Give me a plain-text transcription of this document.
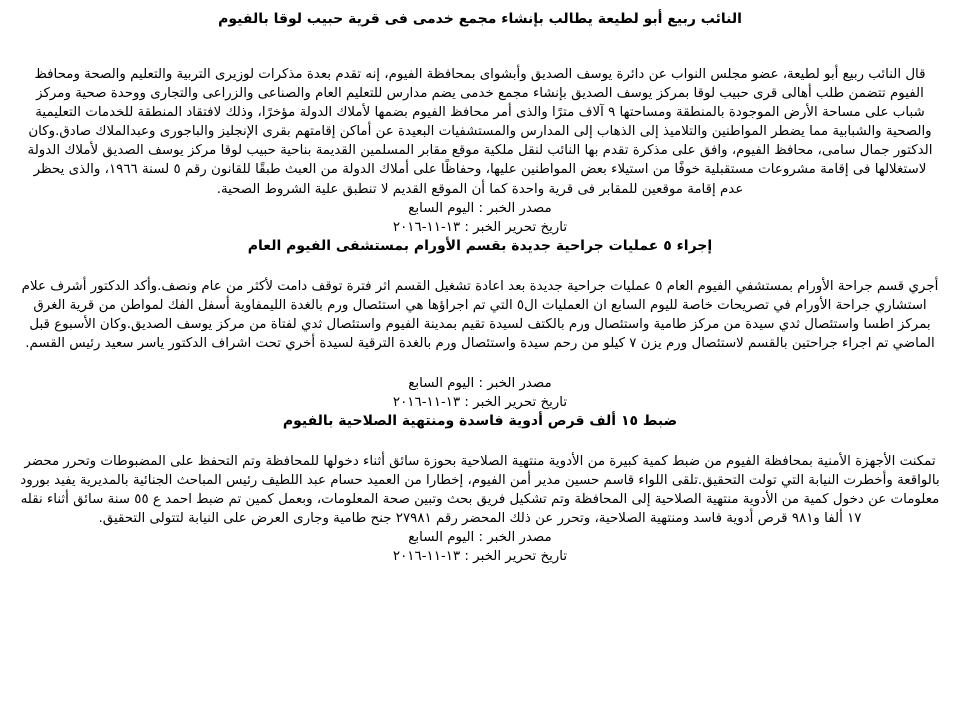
النائب ربيع أبو لطيعة يطالب بإنشاء مجمع خدمى فى قرية حبيب لوقا بالفيوم

قال النائب ربيع أبو لطيعة، عضو مجلس النواب عن دائرة يوسف الصديق وأبشواى بمحافظة الفيوم، إنه تقدم بعدة مذكرات لوزيرى التربية والتعليم والصحة ومحافظ الفيوم تتضمن طلب أهالى قرى حبيب لوقا بمركز يوسف الصديق بإنشاء مجمع خدمى يضم مدارس للتعليم العام والصناعى والزراعى والتجارى ووحدة صحية ومركز شباب على مساحة الأرض الموجودة بالمنطقة ومساحتها ٩ آلاف مترًا والذى أمر محافظ الفيوم بضمها لأملاك الدولة مؤخرًا، وذلك لافتقاد المنطقة للخدمات التعليمية والصحية والشبابية مما يضطر المواطنين والتلاميذ إلى الذهاب إلى المدارس والمستشفيات البعيدة عن أماكن إقامتهم بقرى الإنجليز والباجورى وعبدالملاك صادق.وكان الدكتور جمال سامى، محافظ الفيوم، وافق على مذكرة تقدم بها النائب لنقل ملكية موقع مقابر المسلمين القديمة بناحية حبيب لوقا مركز يوسف الصديق لأملاك الدولة لاستغلالها فى إقامة مشروعات مستقبلية خوفًا من استيلاء بعض المواطنين عليها، وحفاظًا على أملاك الدولة من العبث طبقًا للقانون رقم ٥ لسنة ١٩٦٦، والذى يحظر عدم إقامة موقعين للمقابر فى قرية واحدة كما أن الموقع القديم لا تنطبق علية الشروط الصحية.

مصدر الخبر : اليوم السابع

تاريخ تحرير الخبر : ١٣-١١-٢٠١٦

إجراء ٥ عمليات جراحية جديدة بقسم الأورام بمستشفى الفيوم العام

أجري قسم جراحة الأورام بمستشفي الفيوم العام ٥ عمليات جراحية جديدة بعد اعادة تشغيل القسم اثر فترة توقف دامت لأكثر من عام ونصف.وأكد الدكتور أشرف علام استشاري جراحة الأورام في تصريحات خاصة لليوم السابع ان العمليات ال٥ التي تم اجراؤها هي استئصال ورم بالغدة الليمفاوية أسفل الفك لمواطن من قرية الغرق بمركز اطسا واستئصال ثدي سيدة من مركز طامية واستئصال ورم بالكتف لسيدة تقيم بمدينة الفيوم واستئصال ثدي لفتاة من مركز يوسف الصديق.وكان الأسبوع قبل الماضي تم اجراء جراحتين بالقسم لاستئصال ورم يزن ٧ كيلو من رحم سيدة واستئصال ورم بالغدة الترقية لسيدة أخري تحت اشراف الدكتور ياسر سعيد رئيس القسم.

مصدر الخبر : اليوم السابع

تاريخ تحرير الخبر : ١٣-١١-٢٠١٦

ضبط ١٥ ألف قرص أدوية فاسدة ومنتهية الصلاحية بالفيوم

تمكنت الأجهزة الأمنية بمحافظة الفيوم من ضبط كمية كبيرة من الأدوية منتهية الصلاحية بحوزة سائق أثناء دخولها للمحافظة وتم التحفظ على المضبوطات وتحرر محضر بالواقعة وأخطرت النيابة التي تولت التحقيق.تلقى اللواء قاسم حسين مدير أمن الفيوم، إخطارا من العميد حسام عبد اللطيف رئيس المباحث الجنائية بالمديرية يفيد بورود معلومات عن دخول كمية من الأدوية منتهية الصلاحية إلى المحافظة وتم تشكيل فريق بحث وتبين صحة المعلومات، وبعمل كمين تم ضبط احمد ع ٥٥ سنة سائق أثناء نقله ١٧ ألفا و٩٨١ قرص أدوية فاسد ومنتهية الصلاحية، وتحرر عن ذلك المحضر رقم ٢٧٩٨١ جنح طامية وجارى العرض على النيابة لتتولى التحقيق.

مصدر الخبر : اليوم السابع

تاريخ تحرير الخبر : ١٣-١١-٢٠١٦
